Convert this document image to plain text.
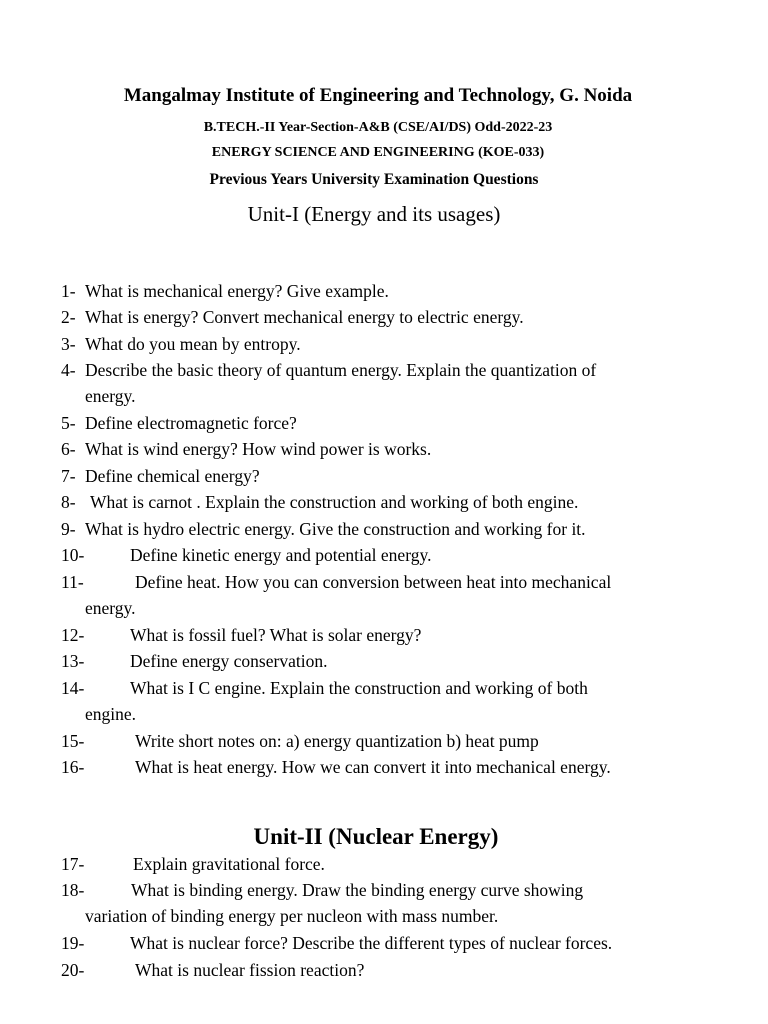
Mangalmay Institute of Engineering and Technology, G. Noida
B.TECH.-II Year-Section-A&B (CSE/AI/DS) Odd-2022-23
ENERGY SCIENCE AND ENGINEERING (KOE-033)
Previous Years University Examination Questions
Unit-I (Energy and its usages)
1- What is mechanical energy? Give example.
2- What is energy? Convert mechanical energy to electric energy.
3- What do you mean by entropy.
4- Describe the basic theory of quantum energy. Explain the quantization of
energy.
5- Define electromagnetic force?
6- What is wind energy? How wind power is works.
7- Define chemical energy?
8- What is carnot . Explain the construction and working of both engine.
9- What is hydro electric energy. Give the construction and working for it.
10-	Define kinetic energy and potential energy.
11-	Define heat. How you can conversion between heat into mechanical
energy.
12-	What is fossil fuel? What is solar energy?
13-	Define energy conservation.
14-	What is I C engine. Explain the construction and working of both
engine.
15-	Write short notes on: a) energy quantization b) heat pump
16-	What is heat energy. How we can convert it into mechanical energy.
Unit-II (Nuclear Energy)
17-	Explain gravitational force.
18-	What is binding energy. Draw the binding energy curve showing
variation of binding energy per nucleon with mass number.
19-	What is nuclear force? Describe the different types of nuclear forces.
20-	What is nuclear fission reaction?
